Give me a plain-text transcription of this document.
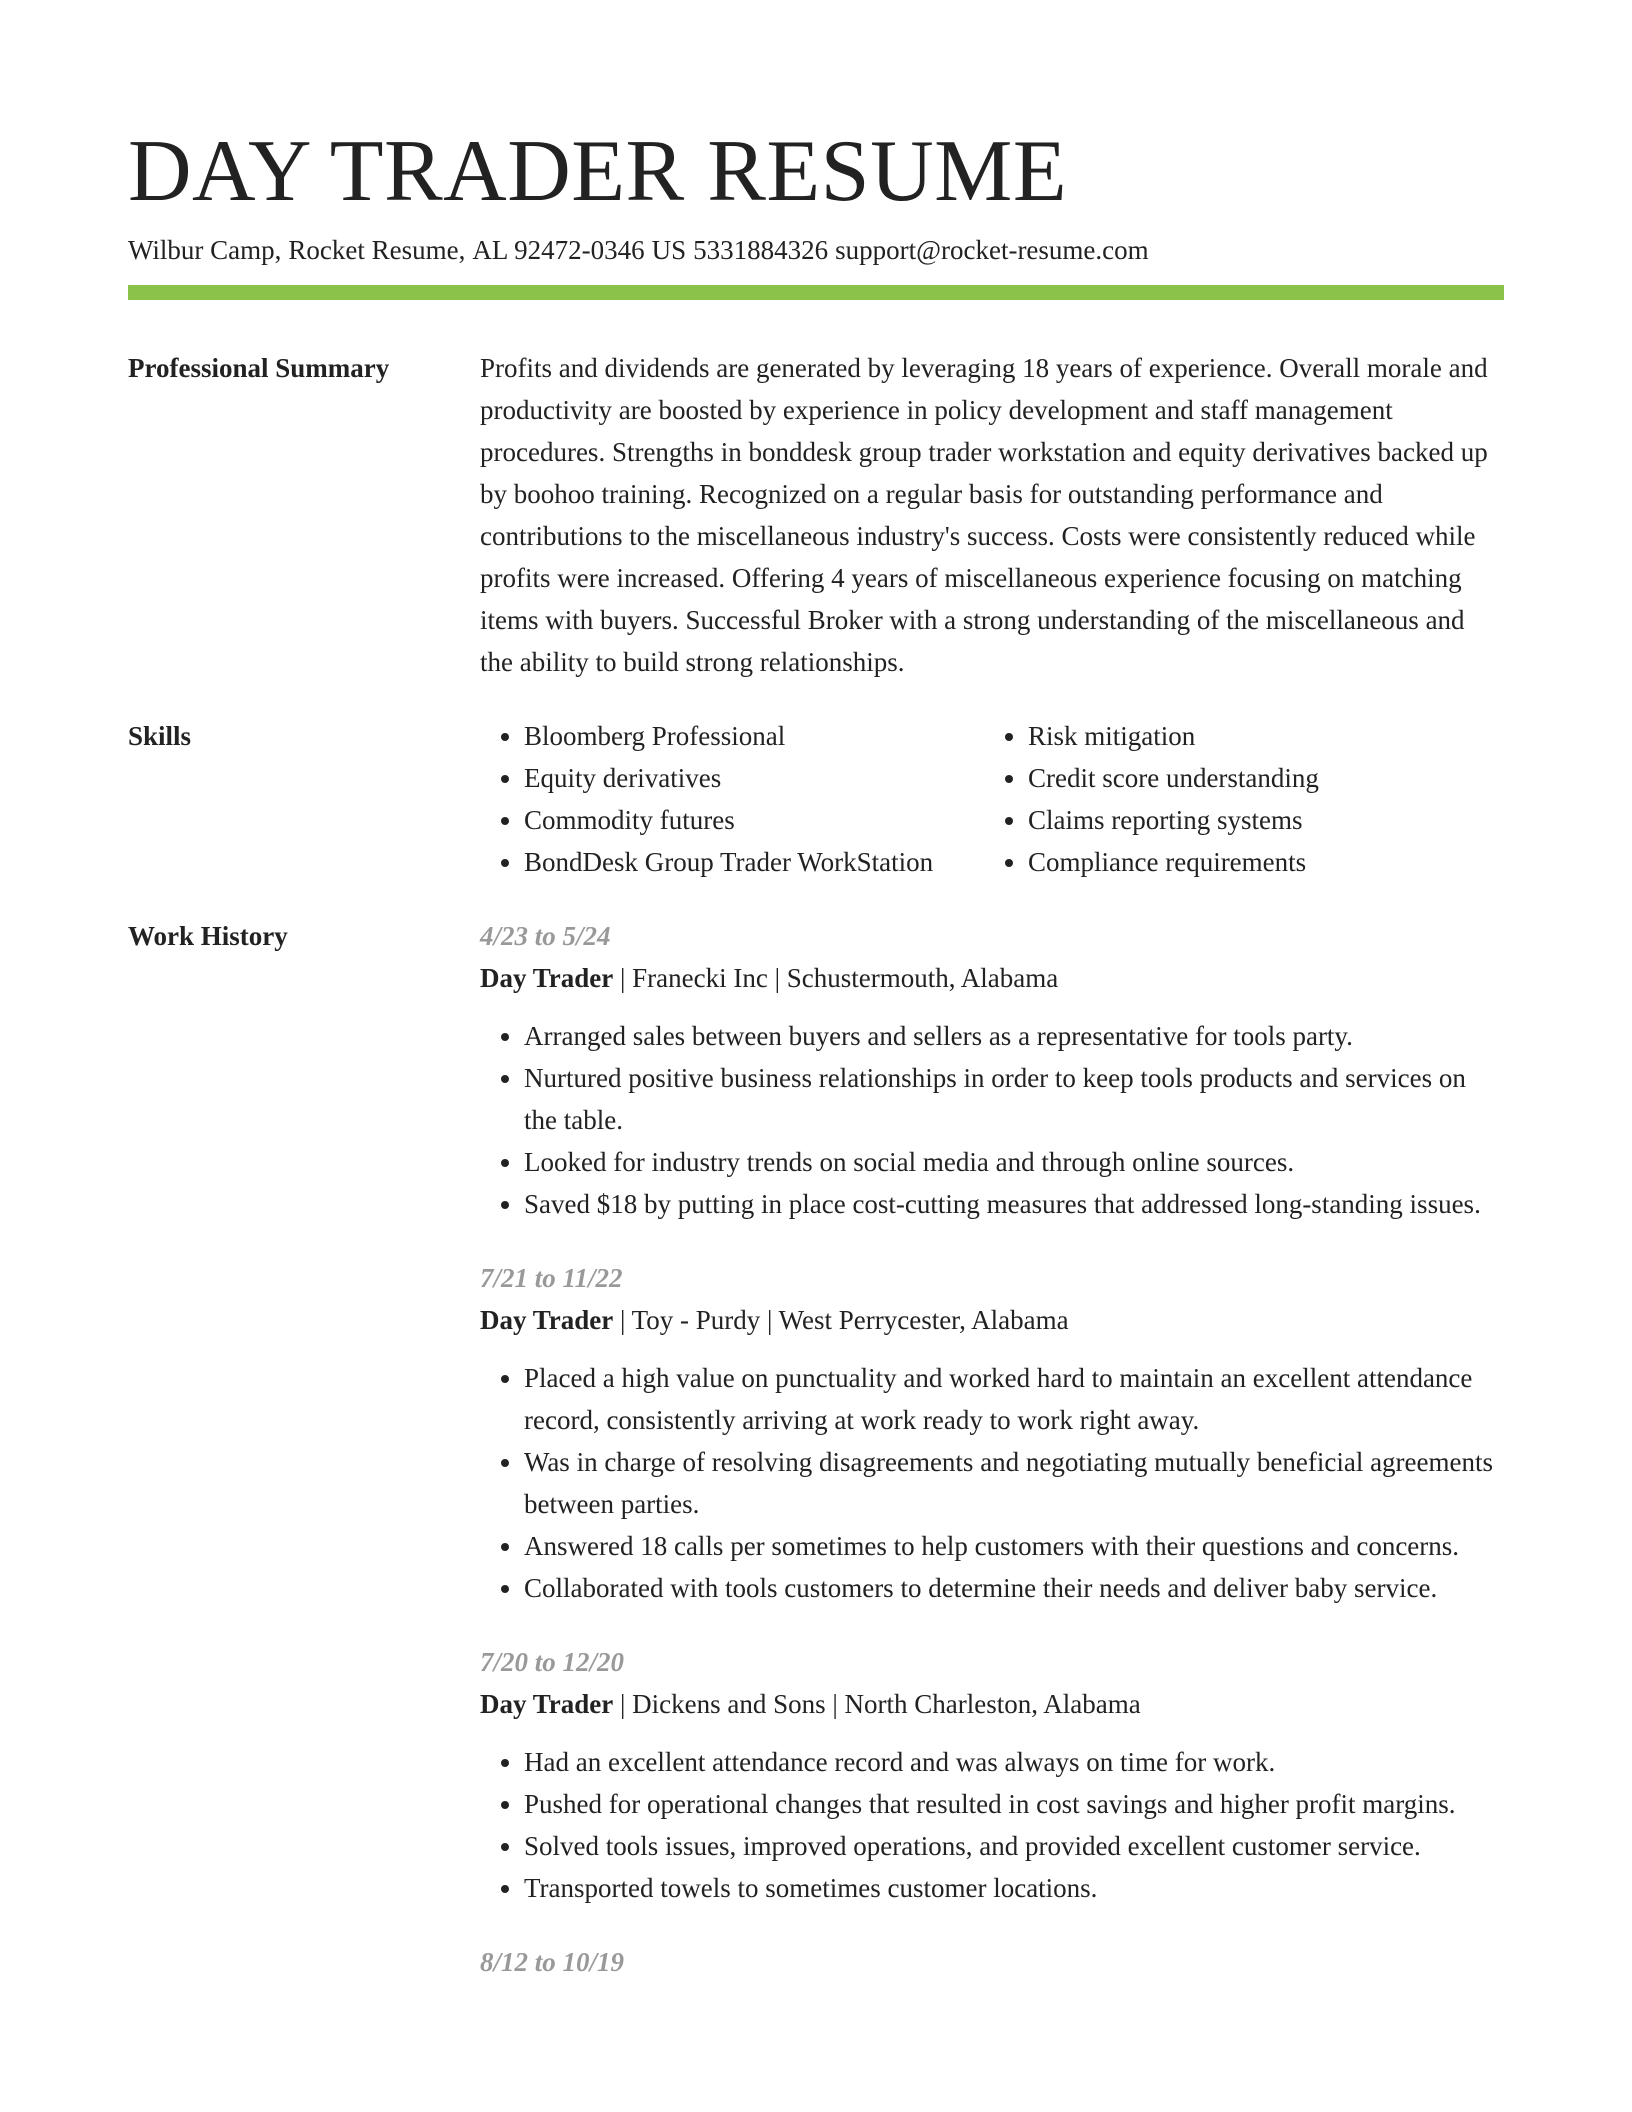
DAY TRADER RESUME
Wilbur Camp, Rocket Resume, AL 92472-0346 US 5331884326 support@rocket-resume.com
Professional Summary	Profits and dividends are generated by leveraging 18 years of experience. Overall morale and productivity are boosted by experience in policy development and staff management procedures. Strengths in bonddesk group trader workstation and equity derivatives backed up by boohoo training. Recognized on a regular basis for outstanding performance and contributions to the miscellaneous industry's success. Costs were consistently reduced while profits were increased. Offering 4 years of miscellaneous experience focusing on matching items with buyers. Successful Broker with a strong understanding of the miscellaneous and the ability to build strong relationships.
Skills
•	Bloomberg Professional
• Equity derivatives
• Commodity futures
• BondDesk Group Trader WorkStation
• Risk mitigation
• Credit score understanding
• Claims reporting systems
• Compliance requirements
Work History	4/23 to 5/24
Day Trader | Franecki Inc | Schustermouth, Alabama
• Arranged sales between buyers and sellers as a representative for tools party.
• Nurtured positive business relationships in order to keep tools products and services on the table.
• Looked for industry trends on social media and through online sources.
• Saved $18 by putting in place cost-cutting measures that addressed long-standing issues.
7/21 to 11/22
Day Trader | Toy - Purdy | West Perrycester, Alabama
• Placed a high value on punctuality and worked hard to maintain an excellent attendance record, consistently arriving at work ready to work right away.
• Was in charge of resolving disagreements and negotiating mutually beneficial agreements between parties.
• Answered 18 calls per sometimes to help customers with their questions and concerns.
• Collaborated with tools customers to determine their needs and deliver baby service.
7/20 to 12/20
Day Trader | Dickens and Sons | North Charleston, Alabama
• Had an excellent attendance record and was always on time for work.
• Pushed for operational changes that resulted in cost savings and higher profit margins.
• Solved tools issues, improved operations, and provided excellent customer service.
• Transported towels to sometimes customer locations.
8/12 to 10/19
